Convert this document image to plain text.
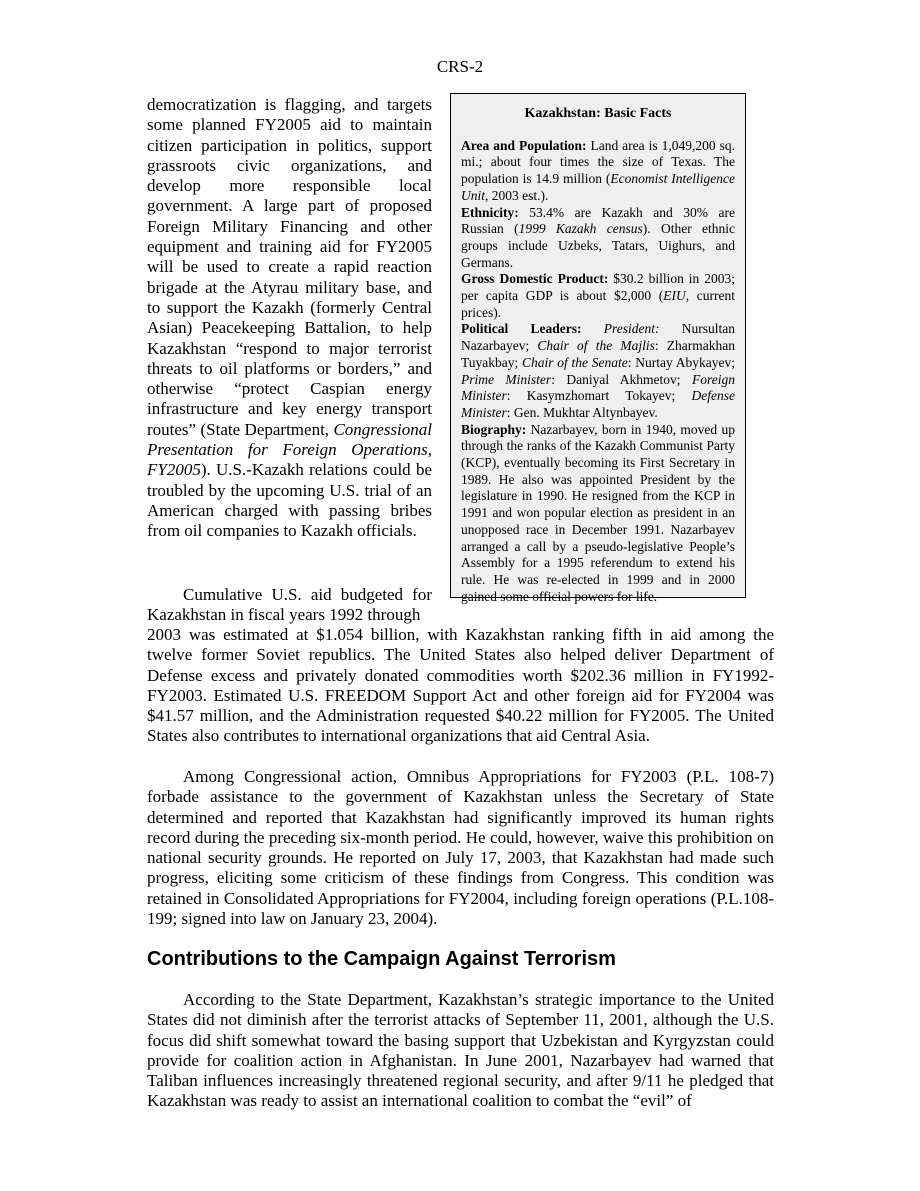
CRS-2

democratization is flagging, and targets some planned FY2005 aid to maintain citizen participation in politics, support grassroots civic organizations, and develop more responsible local government. A large part of proposed Foreign Military Financing and other equipment and training aid for FY2005 will be used to create a rapid reaction brigade at the Atyrau military base, and to support the Kazakh (formerly Central Asian) Peacekeeping Battalion, to help Kazakhstan “respond to major terrorist threats to oil platforms or borders,” and otherwise “protect Caspian energy infrastructure and key energy transport routes” (State Department, Congressional Presentation for Foreign Operations, FY2005). U.S.-Kazakh relations could be troubled by the upcoming U.S. trial of an American charged with passing bribes from oil companies to Kazakh officials.

Kazakhstan: Basic Facts

Area and Population: Land area is 1,049,200 sq. mi.; about four times the size of Texas. The population is 14.9 million (Economist Intelligence Unit, 2003 est.).

Ethnicity: 53.4% are Kazakh and 30% are Russian (1999 Kazakh census). Other ethnic groups include Uzbeks, Tatars, Uighurs, and Germans.

Gross Domestic Product: $30.2 billion in 2003; per capita GDP is about $2,000 (EIU, current prices).

Political Leaders: President: Nursultan Nazarbayev; Chair of the Majlis: Zharmakhan Tuyakbay; Chair of the Senate: Nurtay Abykayev; Prime Minister: Daniyal Akhmetov; Foreign Minister: Kasymzhomart Tokayev; Defense Minister: Gen. Mukhtar Altynbayev.

Biography: Nazarbayev, born in 1940, moved up through the ranks of the Kazakh Communist Party (KCP), eventually becoming its First Secretary in 1989. He also was appointed President by the legislature in 1990. He resigned from the KCP in 1991 and won popular election as president in an unopposed race in December 1991. Nazarbayev arranged a call by a pseudo-legislative People’s Assembly for a 1995 referendum to extend his rule. He was re-elected in 1999 and in 2000 gained some official powers for life.

Cumulative U.S. aid budgeted for Kazakhstan in fiscal years 1992 through

2003 was estimated at $1.054 billion, with Kazakhstan ranking fifth in aid among the twelve former Soviet republics. The United States also helped deliver Department of Defense excess and privately donated commodities worth $202.36 million in FY1992-FY2003. Estimated U.S. FREEDOM Support Act and other foreign aid for FY2004 was $41.57 million, and the Administration requested $40.22 million for FY2005. The United States also contributes to international organizations that aid Central Asia.

Among Congressional action, Omnibus Appropriations for FY2003 (P.L. 108-7) forbade assistance to the government of Kazakhstan unless the Secretary of State determined and reported that Kazakhstan had significantly improved its human rights record during the preceding six-month period. He could, however, waive this prohibition on national security grounds. He reported on July 17, 2003, that Kazakhstan had made such progress, eliciting some criticism of these findings from Congress. This condition was retained in Consolidated Appropriations for FY2004, including foreign operations (P.L.108-199; signed into law on January 23, 2004).

Contributions to the Campaign Against Terrorism

According to the State Department, Kazakhstan’s strategic importance to the United States did not diminish after the terrorist attacks of September 11, 2001, although the U.S. focus did shift somewhat toward the basing support that Uzbekistan and Kyrgyzstan could provide for coalition action in Afghanistan. In June 2001, Nazarbayev had warned that Taliban influences increasingly threatened regional security, and after 9/11 he pledged that Kazakhstan was ready to assist an international coalition to combat the “evil” of
